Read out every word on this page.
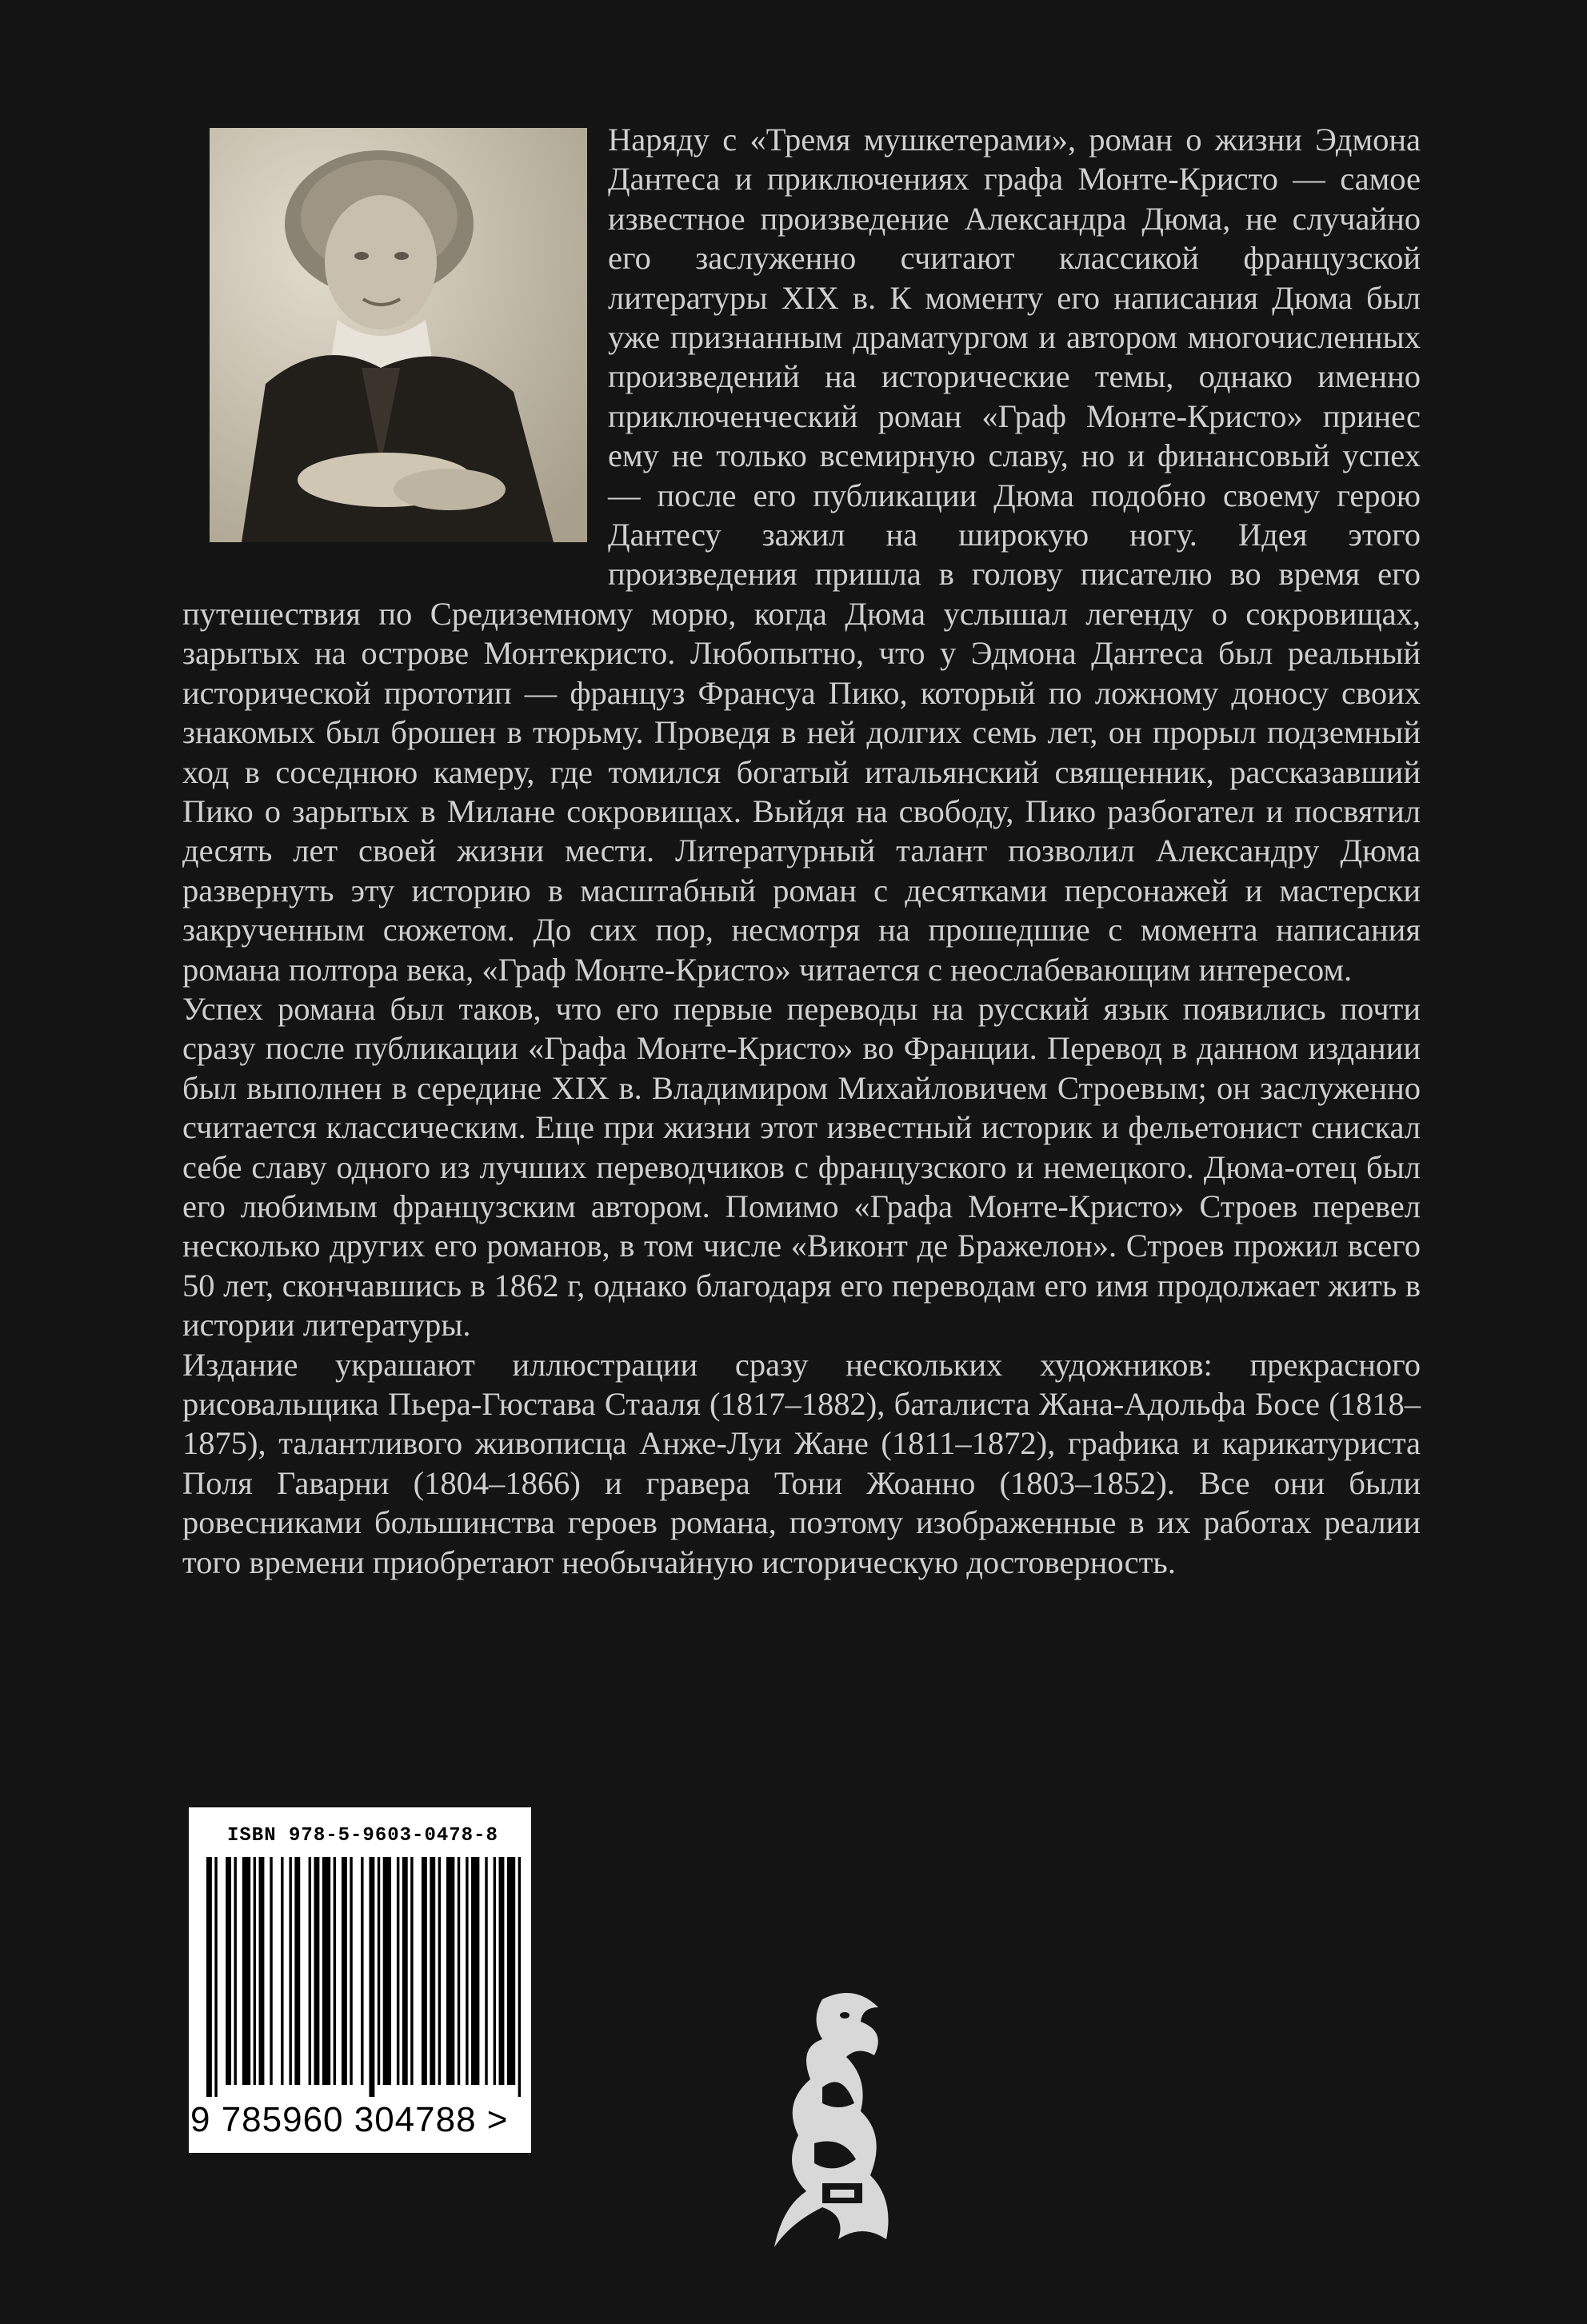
Наряду с «Тремя мушкетерами», роман о жизни Эдмона Дантеса и приключениях графа Монте-Кристо — самое известное произведение Александра Дюма, не случайно его заслуженно считают классикой французской литературы XIX в. К моменту его написания Дюма был уже признанным драматургом и автором многочисленных произведений на исторические темы, однако именно приключенческий роман «Граф Монте-Кристо» принес ему не только всемирную славу, но и финансовый успех — после его публикации Дюма подобно своему герою Дантесу зажил на широкую ногу. Идея этого произведения пришла в голову писателю во время его путешествия по Средиземному морю, когда Дюма услышал легенду о сокровищах, зарытых на острове Монтекристо. Любопытно, что у Эдмона Дантеса был реальный исторической прототип — француз Франсуа Пико, который по ложному доносу своих знакомых был брошен в тюрьму. Проведя в ней долгих семь лет, он прорыл подземный ход в соседнюю камеру, где томился богатый итальянский священник, рассказавший Пико о зарытых в Милане сокровищах. Выйдя на свободу, Пико разбогател и посвятил десять лет своей жизни мести. Литературный талант позволил Александру Дюма развернуть эту историю в масштабный роман с десятками персонажей и мастерски закрученным сюжетом. До сих пор, несмотря на прошедшие с момента написания романа полтора века, «Граф Монте-Кристо» читается с неослабевающим интересом.

Успех романа был таков, что его первые переводы на русский язык появились почти сразу после публикации «Графа Монте-Кристо» во Франции. Перевод в данном издании был выполнен в середине XIX в. Владимиром Михайловичем Строевым; он заслуженно считается классическим. Еще при жизни этот известный историк и фельетонист снискал себе славу одного из лучших переводчиков с французского и немецкого. Дюма-отец был его любимым французским автором. Помимо «Графа Монте-Кристо» Строев перевел несколько других его романов, в том числе «Виконт де Бражелон». Строев прожил всего 50 лет, скончавшись в 1862 г, однако благодаря его переводам его имя продолжает жить в истории литературы.

Издание украшают иллюстрации сразу нескольких художников: прекрасного рисовальщика Пьера-Гюстава Стааля (1817–1882), баталиста Жана-Адольфа Босе (1818–1875), талантливого живописца Анже-Луи Жане (1811–1872), графика и карикатуриста Поля Гаварни (1804–1866) и гравера Тони Жоанно (1803–1852). Все они были ровесниками большинства героев романа, поэтому изображенные в их работах реалии того времени приобретают необычайную историческую достоверность.

ISBN 978-5-9603-0478-8
9 785960 304788 >
